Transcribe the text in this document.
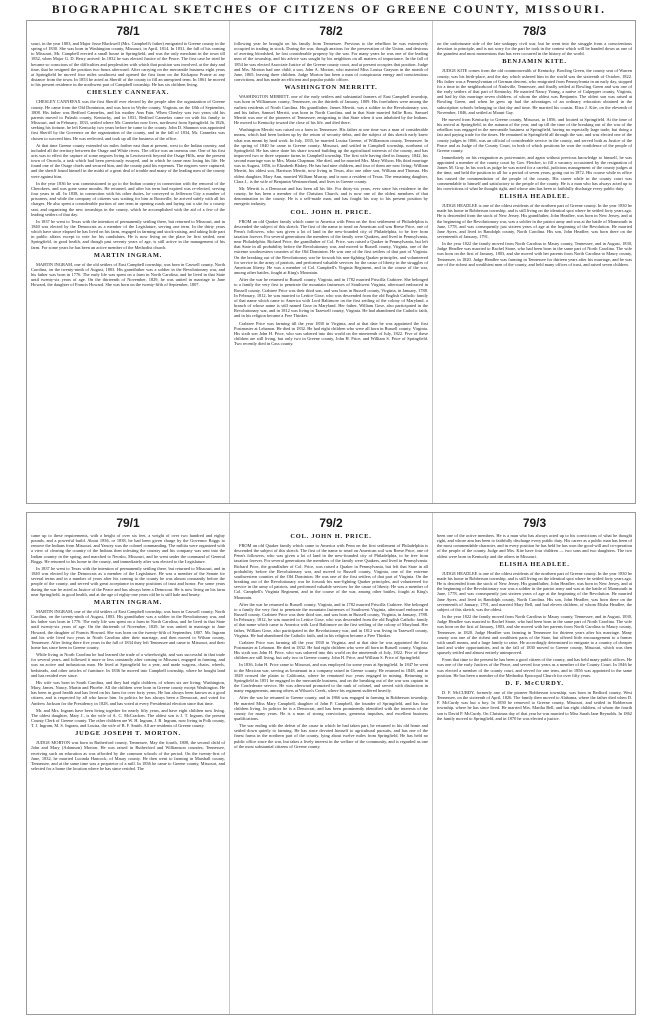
BIOGRAPHICAL SKETCHES OF CITIZENS OF GREENE COUNTY, MISSOURI.
78/1
souri, in the year 1803, and Major Jesse Blackwell (Mrs. Campbell's father) emigrated to Greene county in the spring of 1830. She was born in Washington county, Missouri, in April, 1814. In 1831, the fall of his coming to Missouri, Mr. Campbell erected a small house in Springfield, and was the only merchant in the town till 1832, when Major G. D. Berry arrived. In 1832 he was elected Justice of the Peace. The first case he tried he became so conscious of the difficulties and perplexities with which that position was involved, at the duty and time, that he resigned the position two hours afterward. After carrying on the mercantile business eight years at Springfield he moved four miles southwest and opened the first farm on the Kickapoo Prairie at any distance from the town. In 1853 he acted as Sheriff of the county to fill an unexpired term. In 1861 he moved to his present residence in the northwest part of Campbell township. He has six children living.
CHESLEY CANNEFAX.
CHESLEY CANNEFAX was the first Sheriff ever elected by the people after the organization of Greene county. He came from the Old Dominion, and was born in Wythe county, Virginia, on the 18th of September, 1808. His father was Bedford Cannefax, and his mother Ann Fain. When Chesley was two years old his parents moved to Pulaski county, Kentucky, and in 1831, Bedford Cannefax came on with his family to Missouri, and in February, 1833, settled where Mr. Cannefax now lives, northwest from Springfield. In 1826, seeking his fortune, he left Kentucky two years before he came to the county. John D. Shannon was appointed first Sheriff by the Governor on the organization of the county, and in the fall of 1834, Mr. Cannefax was chosen to succeed him. He was reelected, and took up all the business of the office.
At that time Greene county extended six miles farther east than at present, west to the Indian country, and included all the territory between the Osage and White rivers. The office was an onerous one. One of his first acts was to effect the capture of some negroes living in Lewiswreck beyond the Osage Hills, near the present town of Osceola, a task which had been previously essayed, and in which he came near losing his life. He found one of the Osage chiefs and secured him, and the county paid his expenses. The negroes were captured, and the sheriff found himself in the midst of a great deal of trouble and many of the leading men of the county were against him.
In the year 1836 he was commissioned to go to the Indian country in connection with the removal of the Cherokees, and was gone some months. He returned, and after his term had expired was re-elected, serving four years in all. In 1838, in connection with his other duties, he conveyed to Jefferson City a number of prisoners, and while the company of citizens was waiting for him at Boonville, he arrived safely with all his charges. He also spent a considerable portion of one term in opening roads and laying out a site for a county seat, and organizing the new townships in the county, which he accomplished with the aid of a few of the leading settlers of that day.
In 1837 he went to Texas with the intention of permanently settling there, but returned to Missouri, and in 1840 was elected by the Democrats as a member of the Legislature, serving one term. In the thirty years which have since elapsed he has lived on his farm, engaged in farming and stock-raising, and taking little part in public affairs except to vote for his candidates. He is now living on the place he first settled, near Springfield, in good health, and though past seventy years of age, is still active in the management of his farm. For some years he has been an active member of the Methodist church.
MARTIN INGRAM.
MARTIN INGRAM, one of the old settlers of East Campbell township, was born in Caswell county, North Carolina, on the twenty-ninth of August, 1803. His grandfather was a soldier in the Revolutionary war, and his father was born in 1776. The early life was spent on a farm in North Carolina, and he lived in that State until twenty-six years of age. On the thirteenth of November, 1829, he was united in marriage to Jane Howard, the daughter of Francis Howard. She was born on the twenty-fifth of September, 1807.
78/2
following year he brought on his family from Tennessee. Previous to the rebellion he was extensively occupied in trading in stock. During the war, though anxious for the preservation of the Union, and desirous of averting bloodshed, he lost considerable property by the war. For many years he was one of the leading men of the township, and his advice was sought by his neighbors on all matters of importance. In the fall of 1854 he was elected Associate Justice of the Greene county court, and at present occupies that position. Judge and Mrs. Morton had one child, a son, John A. Morton, who married Miss Louisa Grayson in the month of June, 1865, leaving three children. Judge Morton has been a man of conspicuous energy and conscientious convictions, and has made an efficient and popular public officer.
WASHINGTON MERRITT.
WASHINGTON MERRITT, one of the early settlers and substantial farmers of East Campbell township, was born in Williamson county, Tennessee, on the thirtieth of January, 1809. His forefathers were among the earliest residents of North Carolina. His grandfather, James Merritt, was a soldier in the Revolutionary war, and his father, Samuel Merritt, was born in North Carolina, and in that State married Sallie Ross. Samuel Merritt was one of the pioneers of Tennessee, emigrating to that State when it was inhabited by the Indians. He moved to Kentucky toward the close of his life, and died there.
Washington Merritt was raised on a farm in Tennessee. His father at one time was a man of considerable means, which had been broken up by the return of security debts, and the subject of this sketch early knew what was meant by hard work. In July, 1835, he married Louisa Greene, of Williamson county, Tennessee. In the spring of 1840 he came to Greene county, Missouri, and settled in Campbell township, northeast of Springfield. He has since done his share toward building up the agricultural interests of the county, and has improved two or three separate farms in Campbell township. The first wife having died in January, 1842, his second marriage was to Mrs. Maria Chapman. She died, and he married Mrs. Mary Wilson. His third marriage was in August, 1856, to Elizabeth Blakey. He has had nine children, and four of them are now living: William Merritt, his oldest son, Harrison Merritt, now living in Texas, also one other son, William and Thomas. His oldest daughter, Mary Ann, married William Murray, and is now a resident of Texas. The remaining daughter, Clara J., is the wife of Benjamin Westmoreland, and lives in Greene county.
Mr. Merritt is a Democrat and has been all his life. For thirty-six years, ever since his residence in the county, he has been a member of the Christian Church, and is now one of the oldest members of that denomination in the county. He is a self-made man, and has fought his way to his present position by energetic industry.
COL. JOHN H. PRICE.
FROM an old Quaker family which came to America with Penn on the first settlement of Philadelphia is descended the subject of this sketch. The first of the name to tread on American soil was Reese Price, one of Penn's followers, who was given a lot of land in the new-founded city of Philadelphia, to be free from taxation forever. For several generations the members of the family were Quakers, and lived in Pennsylvania, near Philadelphia. Richard Price, the grandfather of Col. Price, was raised a Quaker in Pennsylvania, but left that State in all probability before the Revolutionary war, and moved to Russell county, Virginia, one of the extreme southwestern counties of the Old Dominion. He was one of the first settlers of that part of Virginia. On the breaking out of the Revolutionary war he forsook his non-fighting Quaker principles, and volunteered for service in the army of patriots, and performed valuable services for the cause of liberty in the struggles of American liberty. He was a member of Col. Campbell's Virginia Regiment, and in the course of the war, among other battles, fought at King's Mountain.
After the war he returned to Russell county, Virginia, and in 1782 married Priscilla Crabtree. She belonged to a family the very first to penetrate the mountain fastnesses of Southwest Virginia, afterward embraced in Russell county. Crabtree Price was their third son, and was born in Russell county, Virginia, in January, 1788. In February, 1812, he was married to Lettice Gose, who was descended from the old English Catholic family of that name which came to America with Lord Baltimore on the first settling of the colony of Maryland, a branch of whose name is still named Gose in Maryland. Her father, William Gose, also participated in the Revolutionary war, and in 1812 was living in Tazewell county, Virginia. He had abandoned the Catholic faith, and in his religion became a Free Thinker.
Crabtree Price was farming till the year 1830 in Virginia, and at that date he was appointed the first Postmaster at Lebanon. He died in 1832. He had eight children who were all born in Russell county, Virginia. His sixth son John H. Price, who was ushered into this world on the nineteenth of July, 1822. Five of these children are still living, but only two in Greene county, John H. Price, and William S. Price of Springfield. Two recently died in Cass county.
78/3
on the unfortunate side of the late unhappy civil war, but he went into the struggle from a conscientious devotion to principle, and is not sorry for the part he took in the contest which will be handed down as one of the grandest and most momentous that has ever occurred in the history of the world.
BENJAMIN KITE.
JUDGE KITE comes from the old commonwealth of Kentucky. Bowling Green, the county seat of Warren county, was his birth-place, and the day which ushered him in the world was the sixteenth of October, 1822. His father was a Pennsylvanian of German descent, who emigrated from Pennsylvania in an early day, stopped for a time in the neighborhood of Nashville, Tennessee, and finally settled at Bowling Green and was one of the early settlers of that part of Kentucky. He married Nancy Young, a native of Culpepper county, Virginia, and had by this marriage seven children, of whom the oldest was Benjamin. The oldest son was raised at Bowling Green, and when he grew up had the advantages of an ordinary education obtained in the subscription schools belonging to that day and time. He married his cousin, Eliza J. Kite, on the eleventh of November, 1846, and settled at Mount Gay.
He moved from Kentucky to Greene county, Missouri, in 1856, and located at Springfield. At the time of his arrival at Springfield, in the autumn of the year, and up till the time of the breaking out of the war of the rebellion was engaged in the mercantile business at Springfield, having no especially large trade, but doing a fair and paying trade for the times. He remained in Springfield all through the war, and was elected one of the county judges in 1866, was an official of considerable service in the county, and served both as Justice of the Peace and as Judge of the County Court, in both of which positions he won the confidence of the people of Greene county.
Immediately on his resignation as post-master, and again without previous knowledge to himself, he was appointed a member of the county court by Gov. Fletcher, to fill a vacancy occasioned by the resignation of James M. Gray. In his work as judge he was noted for a careful, judicious management of the county judges at the time, and held the position in all for a period of seven years, going out in 1872. His course while in office has caused the commendation of the people of the county. His career while in the county court was commendable to himself and satisfactory to the people of the county. He is a man who has always acted up to his convictions of what he thought right, and whose aim has been to faithfully discharge every public duty.
ELISHA HEADLEE.
JUDGE HEADLEE is one of the oldest residents of the northern part of Greene county. In the year 1830 he made his home in Robberson township, and is still living on the identical spot where he settled forty years ago. He is descended from the stock of New Jersey. His grandfather, John Headlee, was born in New Jersey, and at the beginning of the Revolutionary war, was a soldier in the patriot army and was at the battle of Monmouth in June, 1778, and was consequently just sixteen years of age at the beginning of the Revolution. He married Jane Ayres, and lived in Randolph county, North Carolina. His son, John Headlee, was born there on the seventeenth of January, 1791.
In the year 1822 the family moved from North Carolina to Maury county, Tennessee, and in August, 1830, Judge Headlee was married to Rachel Stone, who had been born in the same part of North Carolina. The wife was born on the first of January, 1803, and she moved with her parents from North Carolina to Maury county, Tennessee, in 1820. Judge Headlee was farming in Tennessee for thirteen years after his marriage, and he was one of the richest and wealthiest men of the county, and held many offices of trust, and raised seven children.
79/1
came up to these requirements, with a height of over six feet, a weight of over two hundred and eighty pounds, and a powerful build. About 1836, or 1838, he had been given charge by the Governor Boggs to remove the Indians from Missouri, and Yancey was the colonel commanding. The militia were organized with a view of clearing the country of the Indians then infesting the country and his company was sent into the Indian country in the spring, and marched to Neosho, Missouri, and he went under the command of General Boggs. He returned to his home in the county, and immediately after was elected to the Legislature.
In 1837 he went to Texas with the intention of permanently settling there, but returned to Missouri, and in 1840 was elected by the Democrats as a member of the Legislature. He was a member of the Senate for several terms and in a number of years after his coming to the county he was almost constantly before the people of the county, and served with great acceptance in many positions of trust and honor. For some years during the war he acted as Justice of the Peace and has always been a Democrat. He is now living on his farm near Springfield, in good health, and at the age of eighty-one years old he is still hale and hearty.
MARTIN INGRAM.
MARTIN INGRAM, one of the old settlers of East Campbell township, was born in Caswell county, North Carolina, on the twenty-ninth of August, 1803. His grandfather was a soldier in the Revolutionary war, and his father was born in 1776. The early life was spent on a farm in North Carolina, and he lived in that State until twenty-six years of age. On the thirteenth of November, 1829, he was united in marriage to Jane Howard, the daughter of Francis Howard. She was born on the twenty-fifth of September, 1807. Mr. Ingram and his wife lived two years in North Carolina after their marriage, and then moved to Wilson county, Tennessee. After living there five years in the fall of 1834 they left Tennessee and came to Missouri, and their home has since been in Greene county.
While living in North Carolina he had learned the trade of a wheelwright, and was successful in that trade for several years, and followed it more or less constantly after coming to Missouri, engaged in farming, and was an active and industrious man. He lived at Springfield for a year, and made wagons, chairs, wheels, bedsteads, and other articles of furniture. In 1836 he moved into Campbell township, where he bought land and has resided ever since.
His wife was born in South Carolina, and they had eight children, of whom six are living: Washington, Mary, James, Nancy, Martin and Phoebe. All the children were born in Greene county except Washington. He has been in good health and has lived on his farm for over forty years. He has always been known as a good citizen, and is respected by all who know him. In politics he has always been a Democrat, and voted for Andrew Jackson for the Presidency in 1828, and has voted at every Presidential election since that time.
Mr. and Mrs. Ingram have been living together for nearly fifty years, and have eight children now living. The oldest daughter, Mary J., is the wife of A. C. McCracken. The oldest son is J. T. Ingram, the present County Clerk of Greene county. The other children are W. H. Ingram, J. B. Ingram, now living in Polk county, T. J. Ingram, M. S. Ingram, and Louisa, the wife of B. F. Smith. All are residents of Greene county.
JUDGE JOSEPH T. MORTON.
JUDGE MORTON was born in Rutherford county, Tennessee, May the fourth, 1808, the second child of John and Mary (Adamson) Morton. He was raised in Rutherford and Williamson counties, Tennessee, receiving such an education as was afforded by the common schools of the period. On the twenty-first of June, 1832, he married Lucinda Hancock, of Maury county. He then went to farming in Marshall county, Tennessee, and at the same time was a proprietor of a mill. In 1836 he came to Greene county, Missouri, and selected for a home the location where he has since resided. The
79/2
COL. JOHN H. PRICE.
FROM an old Quaker family which came to America with Penn on the first settlement of Philadelphia is descended the subject of this sketch. The first of the name to tread on American soil was Reese Price, one of Penn's followers, who was given a lot of land in the new-founded city of Philadelphia, to be free from taxation forever. For several generations the members of the family were Quakers, and lived in Pennsylvania. Richard Price, the grandfather of Col. Price, was raised a Quaker in Pennsylvania, but left that State in all probability before the Revolutionary war, and moved to Russell county, Virginia, one of the extreme southwestern counties of the Old Dominion. He was one of the first settlers of that part of Virginia. On the breaking out of the Revolutionary war he forsook his non-fighting Quaker principles, and volunteered for service in the army of patriots, and performed valuable services for the cause of liberty. He was a member of Col. Campbell's Virginia Regiment, and in the course of the war, among other battles, fought at King's Mountain.
After the war he returned to Russell county, Virginia, and in 1782 married Priscilla Crabtree. She belonged to a family the very first to penetrate the mountain fastnesses of Southwest Virginia, afterward embraced in Russell county. Crabtree Price was their third son, and was born in Russell county, Virginia, in January, 1788. In February, 1812, he was married to Lettice Gose, who was descended from the old English Catholic family of that name which came to America with Lord Baltimore on the first settling of the colony of Maryland. Her father, William Gose, also participated in the Revolutionary war, and in 1812 was living in Tazewell county, Virginia. He had abandoned the Catholic faith, and in his religion became a Free Thinker.
Crabtree Price was farming till the year 1830 in Virginia, and at that date he was appointed the first Postmaster at Lebanon. He died in 1832. He had eight children who were all born in Russell county, Virginia. His sixth son John H. Price, who was ushered into this world on the nineteenth of July, 1822. Five of these children are still living, but only two in Greene county, John H. Price, and William S. Price of Springfield.
In 1836, John H. Price came to Missouri, and was employed for some years at Springfield. In 1847 he went to the Mexican war, serving as lieutenant in a company raised in Greene county. He returned in 1848, and in 1849 crossed the plains to California, where he remained two years engaged in mining. Returning to Springfield in 1851 he engaged in the mercantile business, and on the breaking out of the war was captain in the Confederate service. He was afterward promoted to the rank of colonel, and served with distinction in many engagements, among others at Wilson's Creek, where his regiment suffered heavily.
After the war he returned to Greene county, and in 1866 was engaged in farming in Robberson township. He married Miss Mary Campbell, daughter of John P. Campbell, the founder of Springfield, and has four children living. In politics he is a Democrat, and has been prominently identified with the interests of the county for many years. He is a man of strong convictions, generous impulses, and excellent business qualifications.
The war ending with the defeat of the cause in which he had taken part, he returned to his old home and settled down quietly to farming. He has since devoted himself to agricultural pursuits, and has one of the finest farms in the northern part of the county, lying about twelve miles from Springfield. He has held no public office since the war, but takes a lively interest in the welfare of the community, and is regarded as one of the most substantial citizens of Greene county.
79/3
been one of the active members. He is a man who has always acted up to his convictions of what he thought right, and whose aim has been to faithfully discharge every public duty. His career as a public man has been of the most commendable character, and in every position he has held he has won the good-will and co-operation of the people of the county. Judge and Mrs. Kite have four children — two sons and two daughters. The two oldest were born in Kentucky and the others in Missouri.
ELISHA HEADLEE.
JUDGE HEADLEE is one of the oldest residents of the northern part of Greene county. In the year 1830 he made his home in Robberson township, and is still living on the identical spot where he settled forty years ago. He is descended from the stock of New Jersey. His grandfather, John Headlee, was born in New Jersey, and at the beginning of the Revolutionary war was a soldier in the patriot army and was at the battle of Monmouth in June, 1778, and was consequently just sixteen years of age at the beginning of the Revolution. He married Jane Ayres, and lived in Randolph county, North Carolina. His son, John Headlee, was born there on the seventeenth of January, 1791, and married Mary Bell, and had eleven children, of whom Elisha Headlee, the subject of this sketch, was the oldest.
In the year 1822 the family moved from North Carolina to Maury county, Tennessee, and in August, 1830, Judge Headlee was married to Rachel Stone, who had been born in the same part of North Carolina. The wife was born on the first of January, 1803, and she moved with her parents from North Carolina to Maury county, Tennessee, in 1820. Judge Headlee was farming in Tennessee for thirteen years after his marriage. Many county was one of the richest and wealthiest parts of the State, but offered little encouragement to a farmer with small means, and a large family to raise. He accordingly determined to emigrate to a country of cheaper land and wider opportunities, and in the fall of 1830 moved to Greene county, Missouri, which was then sparsely settled and almost entirely unimproved.
From that time to the present he has been a good citizen of the county, and has held many public offices. He was one of the early Justices of the Peace, and served four years as a member of the County Court. In 1846 he was elected a member of the county court, and served for one term, and in 1856 was appointed to the same position. He has been a member of the Methodist Episcopal Church for over fifty years.
D. F. McCURDY.
D. F. McCURDY, formerly one of the pioneer Robberson township, was born in Bedford county, West Tennessee, on the sixteenth of April, 1826. The family then moved to Alabama, where the father died when D. F. McCurdy was but a boy. In 1850 he removed to Greene county, Missouri, and settled in Robberson township, where he has since lived. He married Mrs. Martha Bell, and has eight children, of whom the fourth son is David P. McCurdy. On Christmas day of that year he was married to Miss Sarah Jane Reynolds. In 1862 the family moved to Springfield, and in 1870 he was elected a justice.
